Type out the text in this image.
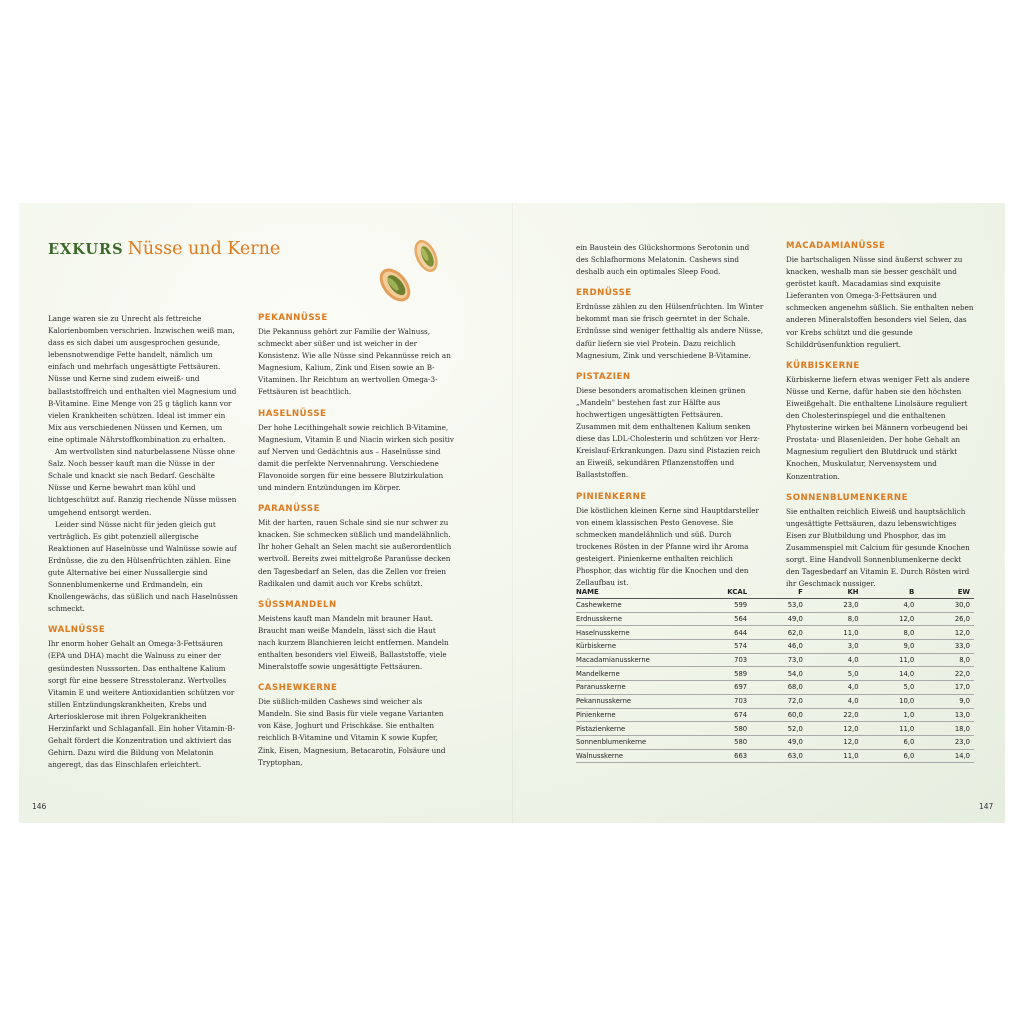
EXKURS Nüsse und Kerne

Lange waren sie zu Unrecht als fettreiche Kalorienbomben verschrien. Inzwischen weiß man, dass es sich dabei um ausgesprochen gesunde, lebensnotwendige Fette handelt, nämlich um einfach und mehrfach ungesättigte Fettsäuren. Nüsse und Kerne sind zudem eiweiß- und ballaststoffreich und enthalten viel Magnesium und B-Vitamine. Eine Menge von 25 g täglich kann vor vielen Krankheiten schützen. Ideal ist immer ein Mix aus verschiedenen Nüssen und Kernen, um eine optimale Nährstoffkombination zu erhalten.

Am wertvollsten sind naturbelassene Nüsse ohne Salz. Noch besser kauft man die Nüsse in der Schale und knackt sie nach Bedarf. Geschälte Nüsse und Kerne bewahrt man kühl und lichtgeschützt auf. Ranzig riechende Nüsse müssen umgehend entsorgt werden.

Leider sind Nüsse nicht für jeden gleich gut verträglich. Es gibt potenziell allergische Reaktionen auf Haselnüsse und Walnüsse sowie auf Erdnüsse, die zu den Hülsenfrüchten zählen. Eine gute Alternative bei einer Nussallergie sind Sonnenblumenkerne und Erdmandeln, ein Knollengewächs, das süßlich und nach Haselnüssen schmeckt.

WALNÜSSE

Ihr enorm hoher Gehalt an Omega-3-Fettsäuren (EPA und DHA) macht die Walnuss zu einer der gesündesten Nusssorten. Das enthaltene Kalium sorgt für eine bessere Stresstoleranz. Wertvolles Vitamin E und weitere Antioxidantien schützen vor stillen Entzündungskrankheiten, Krebs und Arteriosklerose mit ihren Folgekrankheiten Herzinfarkt und Schlaganfall. Ein hoher Vitamin-B-Gehalt fördert die Konzentration und aktiviert das Gehirn. Dazu wird die Bildung von Melatonin angeregt, das das Einschlafen erleichtert.

PEKANNÜSSE

Die Pekannuss gehört zur Familie der Walnuss, schmeckt aber süßer und ist weicher in der Konsistenz. Wie alle Nüsse sind Pekannüsse reich an Magnesium, Kalium, Zink und Eisen sowie an B-Vitaminen. Ihr Reichtum an wertvollen Omega-3-Fettsäuren ist beachtlich.

HASELNÜSSE

Der hohe Lecithingehalt sowie reichlich B-Vitamine, Magnesium, Vitamin E und Niacin wirken sich positiv auf Nerven und Gedächtnis aus – Haselnüsse sind damit die perfekte Nervennahrung. Verschiedene Flavonoide sorgen für eine bessere Blutzirkulation und mindern Entzündungen im Körper.

PARANÜSSE

Mit der harten, rauen Schale sind sie nur schwer zu knacken. Sie schmecken süßlich und mandelähnlich. Ihr hoher Gehalt an Selen macht sie außerordentlich wertvoll. Bereits zwei mittelgroße Paranüsse decken den Tagesbedarf an Selen, das die Zellen vor freien Radikalen und damit auch vor Krebs schützt.

SÜSSMANDELN

Meistens kauft man Mandeln mit brauner Haut. Braucht man weiße Mandeln, lässt sich die Haut nach kurzem Blanchieren leicht entfernen. Mandeln enthalten besonders viel Eiweiß, Ballaststoffe, viele Mineralstoffe sowie ungesättigte Fettsäuren.

CASHEWKERNE

Die süßlich-milden Cashews sind weicher als Mandeln. Sie sind Basis für viele vegane Varianten von Käse, Joghurt und Frischkäse. Sie enthalten reichlich B-Vitamine und Vitamin K sowie Kupfer, Zink, Eisen, Magnesium, Betacarotin, Folsäure und Tryptophan,

ein Baustein des Glückshormons Serotonin und des Schlafhormons Melatonin. Cashews sind deshalb auch ein optimales Sleep Food.

ERDNÜSSE

Erdnüsse zählen zu den Hülsenfrüchten. Im Winter bekommt man sie frisch geerntet in der Schale. Erdnüsse sind weniger fetthaltig als andere Nüsse, dafür liefern sie viel Protein. Dazu reichlich Magnesium, Zink und verschiedene B-Vitamine.

PISTAZIEN

Diese besonders aromatischen kleinen grünen „Mandeln" bestehen fast zur Hälfte aus hochwertigen ungesättigten Fettsäuren. Zusammen mit dem enthaltenen Kalium senken diese das LDL-Cholesterin und schützen vor Herz-Kreislauf-Erkrankungen. Dazu sind Pistazien reich an Eiweiß, sekundären Pflanzenstoffen und Ballaststoffen.

PINIENKERNE

Die köstlichen kleinen Kerne sind Hauptdarsteller von einem klassischen Pesto Genovese. Sie schmecken mandelähnlich und süß. Durch trockenes Rösten in der Pfanne wird ihr Aroma gesteigert. Pinienkerne enthalten reichlich Phosphor, das wichtig für die Knochen und den Zellaufbau ist.

MACADAMIANÜSSE

Die hartschaligen Nüsse sind äußerst schwer zu knacken, weshalb man sie besser geschält und geröstet kauft. Macadamias sind exquisite Lieferanten von Omega-3-Fettsäuren und schmecken angenehm süßlich. Sie enthalten neben anderen Mineralstoffen besonders viel Selen, das vor Krebs schützt und die gesunde Schilddrüsenfunktion reguliert.

KÜRBISKERNE

Kürbiskerne liefern etwas weniger Fett als andere Nüsse und Kerne, dafür haben sie den höchsten Eiweißgehalt. Die enthaltene Linolsäure reguliert den Cholesterinspiegel und die enthaltenen Phytosterine wirken bei Männern vorbeugend bei Prostata- und Blasenleiden. Der hohe Gehalt an Magnesium reguliert den Blutdruck und stärkt Knochen, Muskulatur, Nervensystem und Konzentration.

SONNENBLUMENKERNE

Sie enthalten reichlich Eiweiß und hauptsächlich ungesättigte Fettsäuren, dazu lebenswichtiges Eisen zur Blutbildung und Phosphor, das im Zusammenspiel mit Calcium für gesunde Knochen sorgt. Eine Handvoll Sonnenblumenkerne deckt den Tagesbedarf an Vitamin E. Durch Rösten wird ihr Geschmack nussiger.

NAME	KCAL	F	KH	B	EW
Cashewkerne	599	53,0	23,0	4,0	30,0
Erdnusskerne	564	49,0	8,0	12,0	26,0
Haselnusskerne	644	62,0	11,0	8,0	12,0
Kürbiskerne	574	46,0	3,0	9,0	33,0
Macadamianusskerne	703	73,0	4,0	11,0	8,0
Mandelkerne	589	54,0	5,0	14,0	22,0
Paranusskerne	697	68,0	4,0	5,0	17,0
Pekannusskerne	703	72,0	4,0	10,0	9,0
Pinienkerne	674	60,0	22,0	1,0	13,0
Pistazienkerne	580	52,0	12,0	11,0	18,0
Sonnenblumenkerne	580	49,0	12,0	6,0	23,0
Walnusskerne	663	63,0	11,0	6,0	14,0
146	147
